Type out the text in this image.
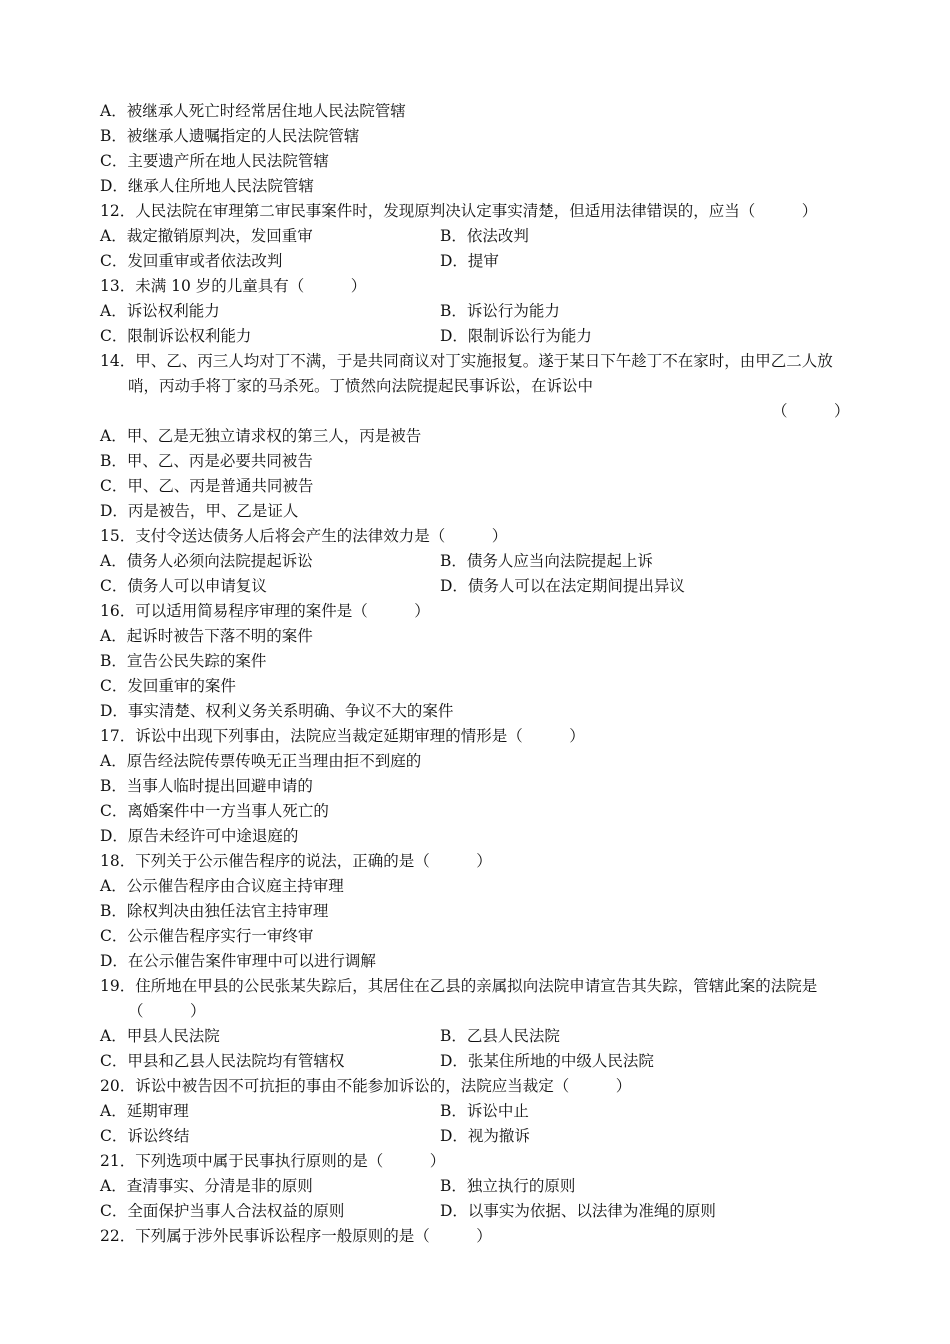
A．被继承人死亡时经常居住地人民法院管辖
B．被继承人遗嘱指定的人民法院管辖
C．主要遗产所在地人民法院管辖
D．继承人住所地人民法院管辖
12．人民法院在审理第二审民事案件时，发现原判决认定事实清楚，但适用法律错误的，应当（　　　）
A．裁定撤销原判决，发回重审	B．依法改判
C．发回重审或者依法改判	D．提审
13．未满 10 岁的儿童具有（　　　）
A．诉讼权利能力	B．诉讼行为能力
C．限制诉讼权利能力	D．限制诉讼行为能力
14．甲、乙、丙三人均对丁不满，于是共同商议对丁实施报复。遂于某日下午趁丁不在家时，由甲乙二人放
哨，丙动手将丁家的马杀死。丁愤然向法院提起民事诉讼，在诉讼中
（　　　）
A．甲、乙是无独立请求权的第三人，丙是被告
B．甲、乙、丙是必要共同被告
C．甲、乙、丙是普通共同被告
D．丙是被告，甲、乙是证人
15．支付令送达债务人后将会产生的法律效力是（　　　）
A．债务人必须向法院提起诉讼	B．债务人应当向法院提起上诉
C．债务人可以申请复议	D．债务人可以在法定期间提出异议
16．可以适用简易程序审理的案件是（　　　）
A．起诉时被告下落不明的案件
B．宣告公民失踪的案件
C．发回重审的案件
D．事实清楚、权利义务关系明确、争议不大的案件
17．诉讼中出现下列事由，法院应当裁定延期审理的情形是（　　　）
A．原告经法院传票传唤无正当理由拒不到庭的
B．当事人临时提出回避申请的
C．离婚案件中一方当事人死亡的
D．原告未经许可中途退庭的
18．下列关于公示催告程序的说法，正确的是（　　　）
A．公示催告程序由合议庭主持审理
B．除权判决由独任法官主持审理
C．公示催告程序实行一审终审
D．在公示催告案件审理中可以进行调解
19．住所地在甲县的公民张某失踪后，其居住在乙县的亲属拟向法院申请宣告其失踪，管辖此案的法院是
（　　　）
A．甲县人民法院	B．乙县人民法院
C．甲县和乙县人民法院均有管辖权	D．张某住所地的中级人民法院
20．诉讼中被告因不可抗拒的事由不能参加诉讼的，法院应当裁定（　　　）
A．延期审理	B．诉讼中止
C．诉讼终结	D．视为撤诉
21．下列选项中属于民事执行原则的是（　　　）
A．查清事实、分清是非的原则	B．独立执行的原则
C．全面保护当事人合法权益的原则	D．以事实为依据、以法律为准绳的原则
22．下列属于涉外民事诉讼程序一般原则的是（　　　）
